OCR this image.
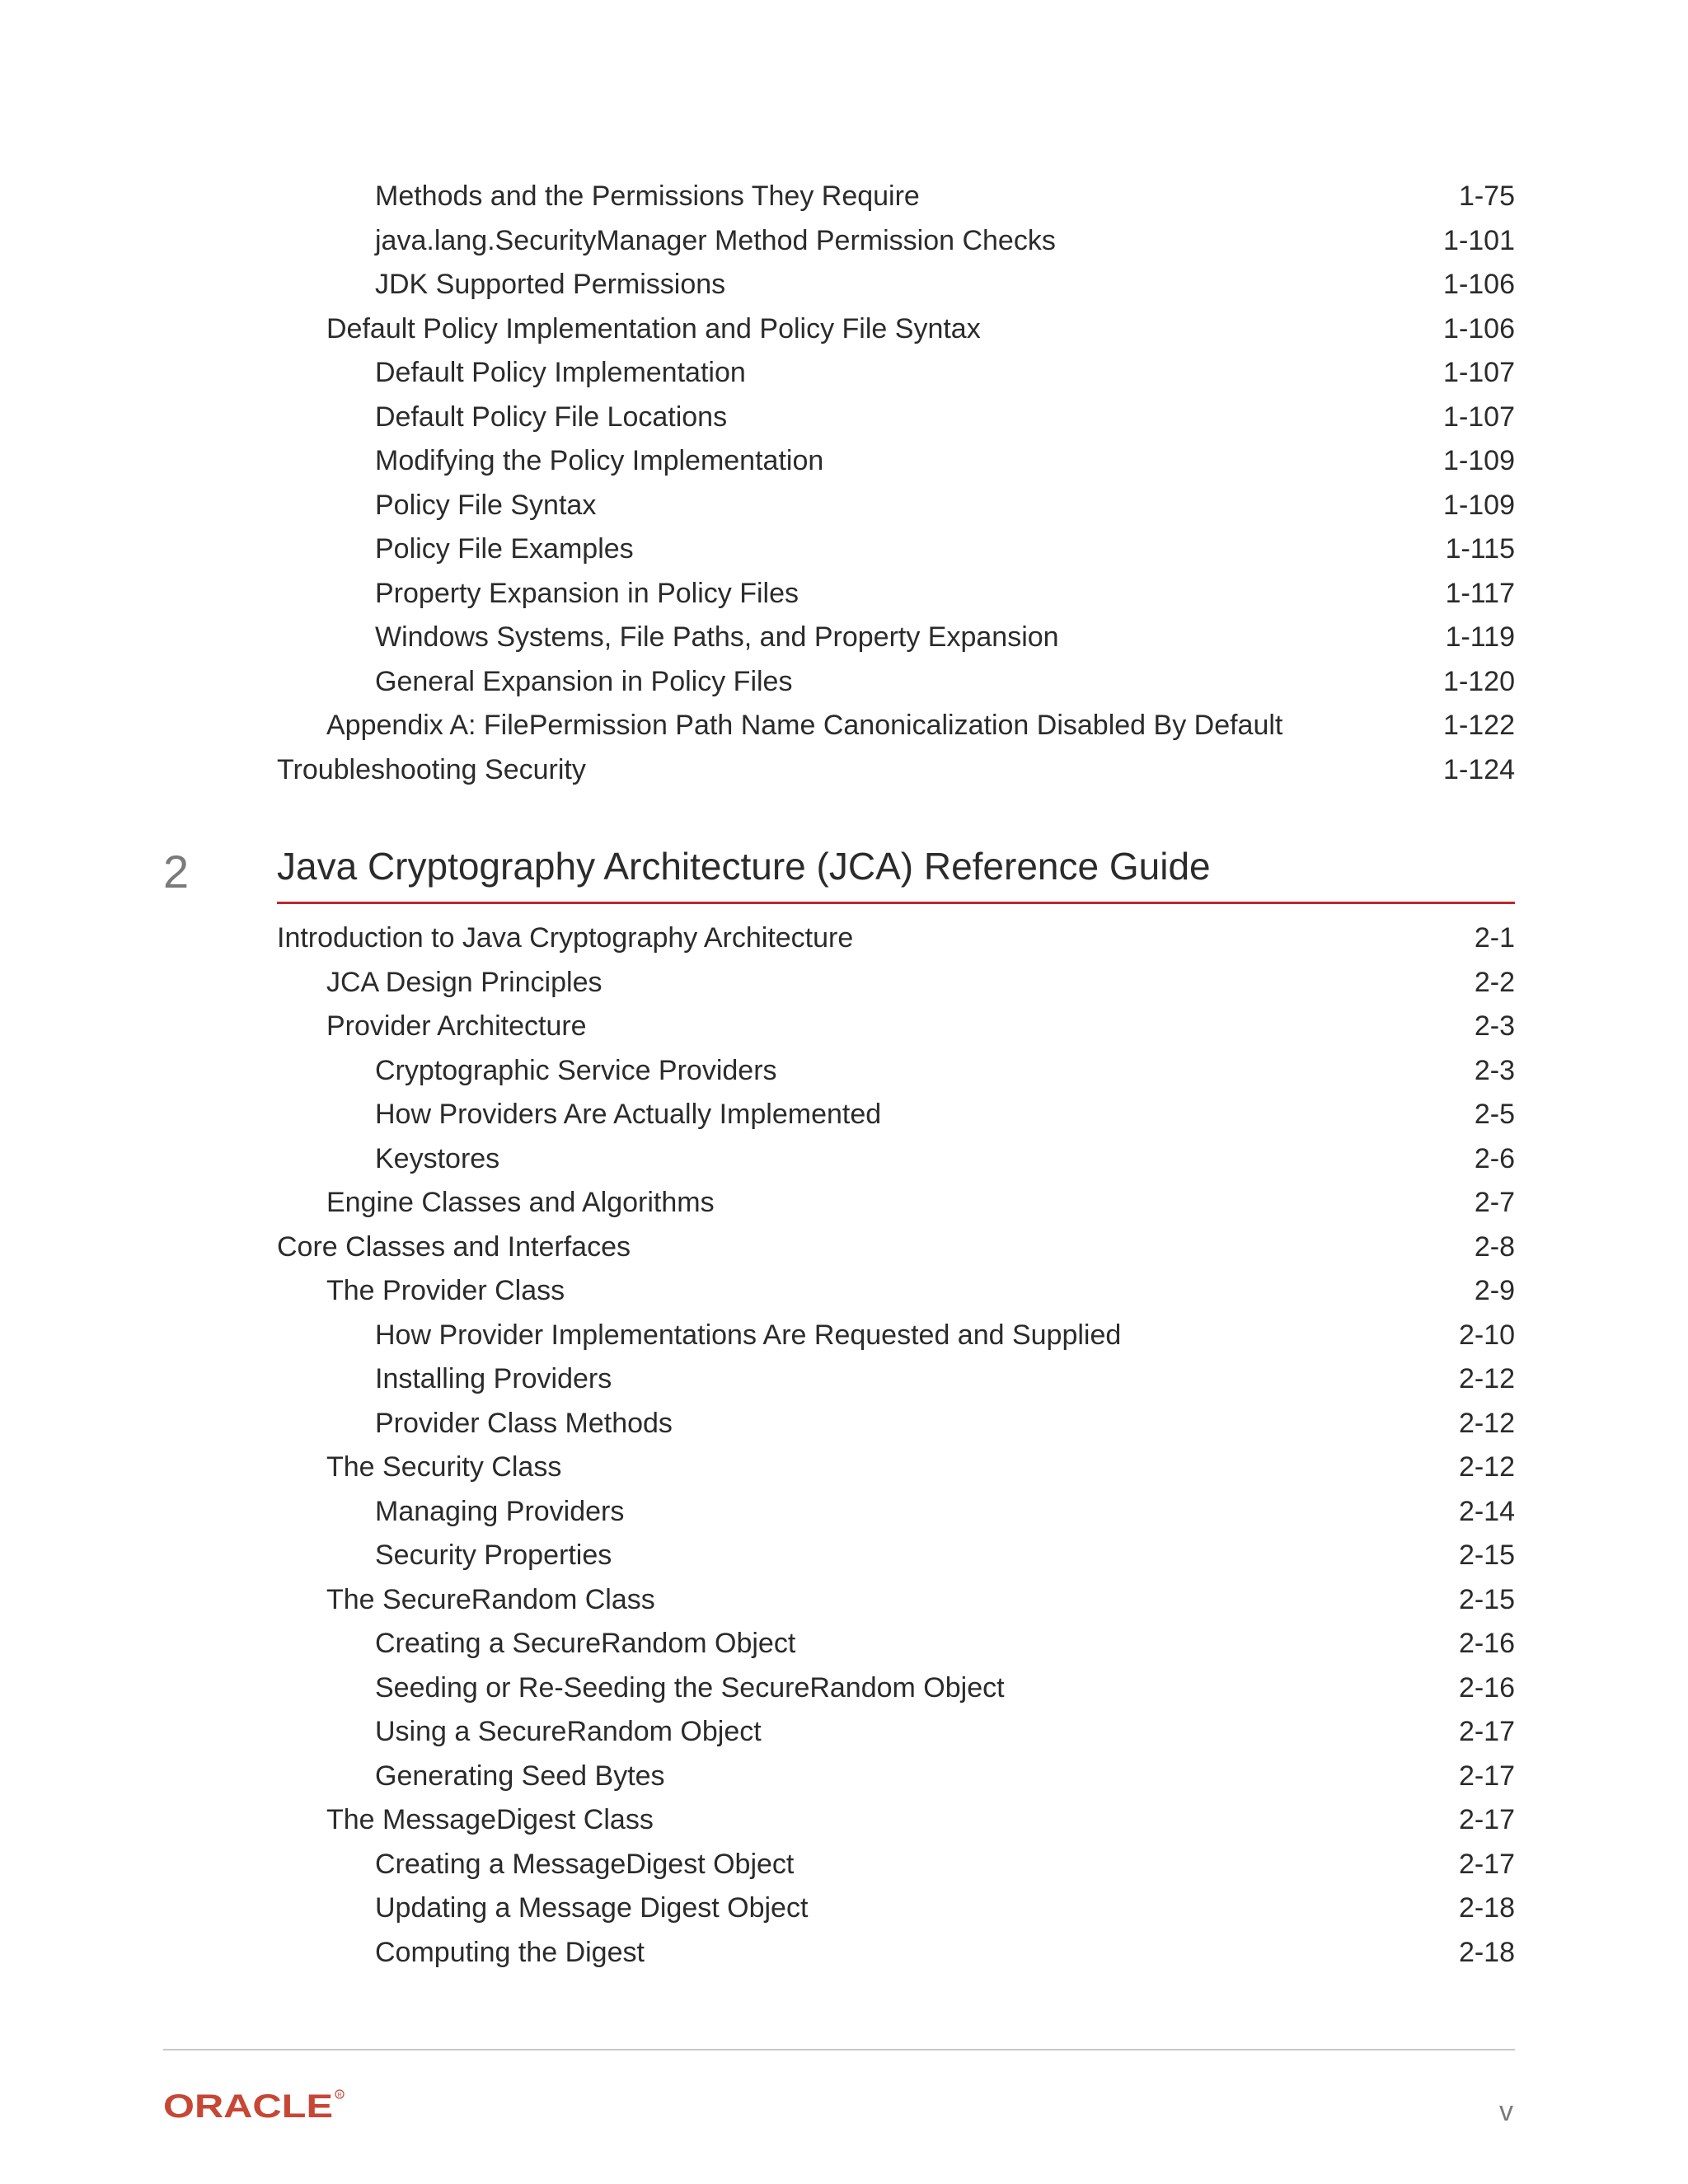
Methods and the Permissions They Require	1-75
java.lang.SecurityManager Method Permission Checks	1-101
JDK Supported Permissions	1-106
Default Policy Implementation and Policy File Syntax	1-106
Default Policy Implementation	1-107
Default Policy File Locations	1-107
Modifying the Policy Implementation	1-109
Policy File Syntax	1-109
Policy File Examples	1-115
Property Expansion in Policy Files	1-117
Windows Systems, File Paths, and Property Expansion	1-119
General Expansion in Policy Files	1-120
Appendix A: FilePermission Path Name Canonicalization Disabled By Default	1-122
Troubleshooting Security	1-124
2 Java Cryptography Architecture (JCA) Reference Guide
Introduction to Java Cryptography Architecture	2-1
JCA Design Principles	2-2
Provider Architecture	2-3
Cryptographic Service Providers	2-3
How Providers Are Actually Implemented	2-5
Keystores	2-6
Engine Classes and Algorithms	2-7
Core Classes and Interfaces	2-8
The Provider Class	2-9
How Provider Implementations Are Requested and Supplied	2-10
Installing Providers	2-12
Provider Class Methods	2-12
The Security Class	2-12
Managing Providers	2-14
Security Properties	2-15
The SecureRandom Class	2-15
Creating a SecureRandom Object	2-16
Seeding or Re-Seeding the SecureRandom Object	2-16
Using a SecureRandom Object	2-17
Generating Seed Bytes	2-17
The MessageDigest Class	2-17
Creating a MessageDigest Object	2-17
Updating a Message Digest Object	2-18
Computing the Digest	2-18
ORACLE R
v
